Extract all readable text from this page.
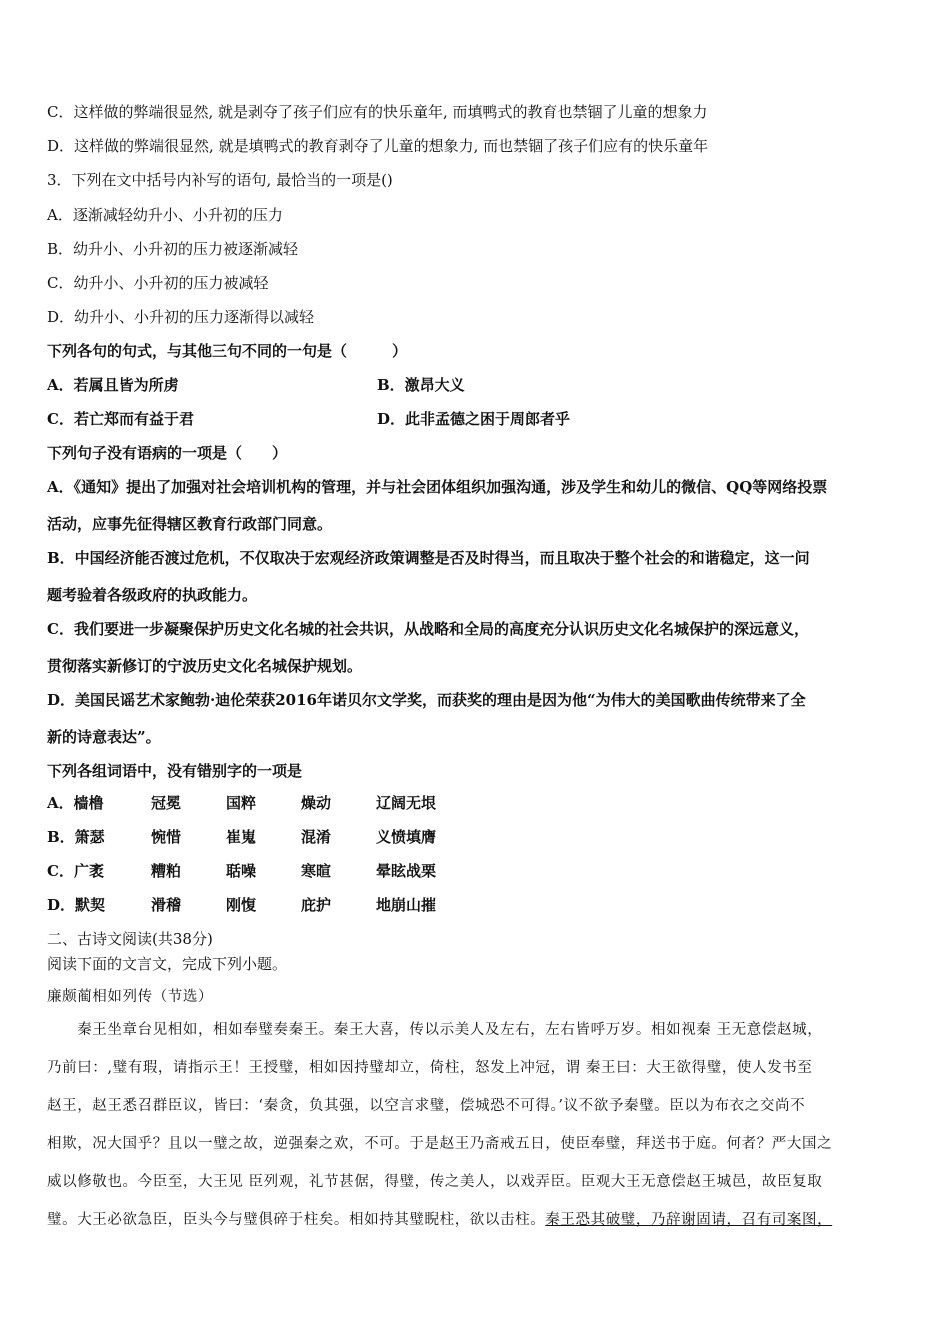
C．这样做的弊端很显然, 就是剥夺了孩子们应有的快乐童年, 而填鸭式的教育也禁锢了儿童的想象力
D．这样做的弊端很显然, 就是填鸭式的教育剥夺了儿童的想象力, 而也禁锢了孩子们应有的快乐童年
3．下列在文中括号内补写的语句, 最恰当的一项是()
A．逐渐减轻幼升小、小升初的压力
B．幼升小、小升初的压力被逐渐减轻
C．幼升小、小升初的压力被减轻
D．幼升小、小升初的压力逐渐得以减轻
下列各句的句式，与其他三句不同的一句是（　　　）
A．若属且皆为所虏	B．激昂大义
C．若亡郑而有益于君	D．此非孟德之困于周郎者乎
下列句子没有语病的一项是（　　）
A．《通知》提出了加强对社会培训机构的管理，并与社会团体组织加强沟通，涉及学生和幼儿的微信、QQ等网络投票
活动，应事先征得辖区教育行政部门同意。
B．中国经济能否渡过危机，不仅取决于宏观经济政策调整是否及时得当，而且取决于整个社会的和谐稳定，这一问
题考验着各级政府的执政能力。
C．我们要进一步凝聚保护历史文化名城的社会共识，从战略和全局的高度充分认识历史文化名城保护的深远意义，
贯彻落实新修订的宁波历史文化名城保护规划。
D．美国民谣艺术家鲍勃·迪伦荣获2016年诺贝尔文学奖，而获奖的理由是因为他“为伟大的美国歌曲传统带来了全
新的诗意表达”。
下列各组词语中，没有错别字的一项是
A．樯橹	冠冕	国粹	燥动	辽阔无垠
B．箫瑟	惋惜	崔嵬	混淆	义愤填膺
C．广袤	糟粕	聒噪	寒暄	晕眩战栗
D．默契	滑稽	刚愎	庇护	地崩山摧
二、古诗文阅读(共38分)
阅读下面的文言文，完成下列小题。
廉颇蔺相如列传（节选）
　　秦王坐章台见相如，相如奉璧奏秦王。秦王大喜，传以示美人及左右，左右皆呼万岁。相如视秦 王无意偿赵城，
乃前曰：,璧有瑕，请指示王！王授璧，相如因持璧却立，倚柱，怒发上冲冠，谓 秦王曰：大王欲得璧，使人发书至
赵王，赵王悉召群臣议，皆曰：‘秦贪，负其强，以空言求璧，偿城恐不可得。’议不欲予秦璧。臣以为布衣之交尚不
相欺，况大国乎？且以一璧之故，逆强秦之欢，不可。于是赵王乃斋戒五日，使臣奉璧，拜送书于庭。何者？严大国之
威以修敬也。今臣至，大王见 臣列观，礼节甚倨，得璧，传之美人，以戏弄臣。臣观大王无意偿赵王城邑，故臣复取
璧。大王必欲急臣，臣头今与璧俱碎于柱矣。相如持其璧睨柱，欲以击柱。秦王恐其破璧，乃辞谢固请，召有司案图，
